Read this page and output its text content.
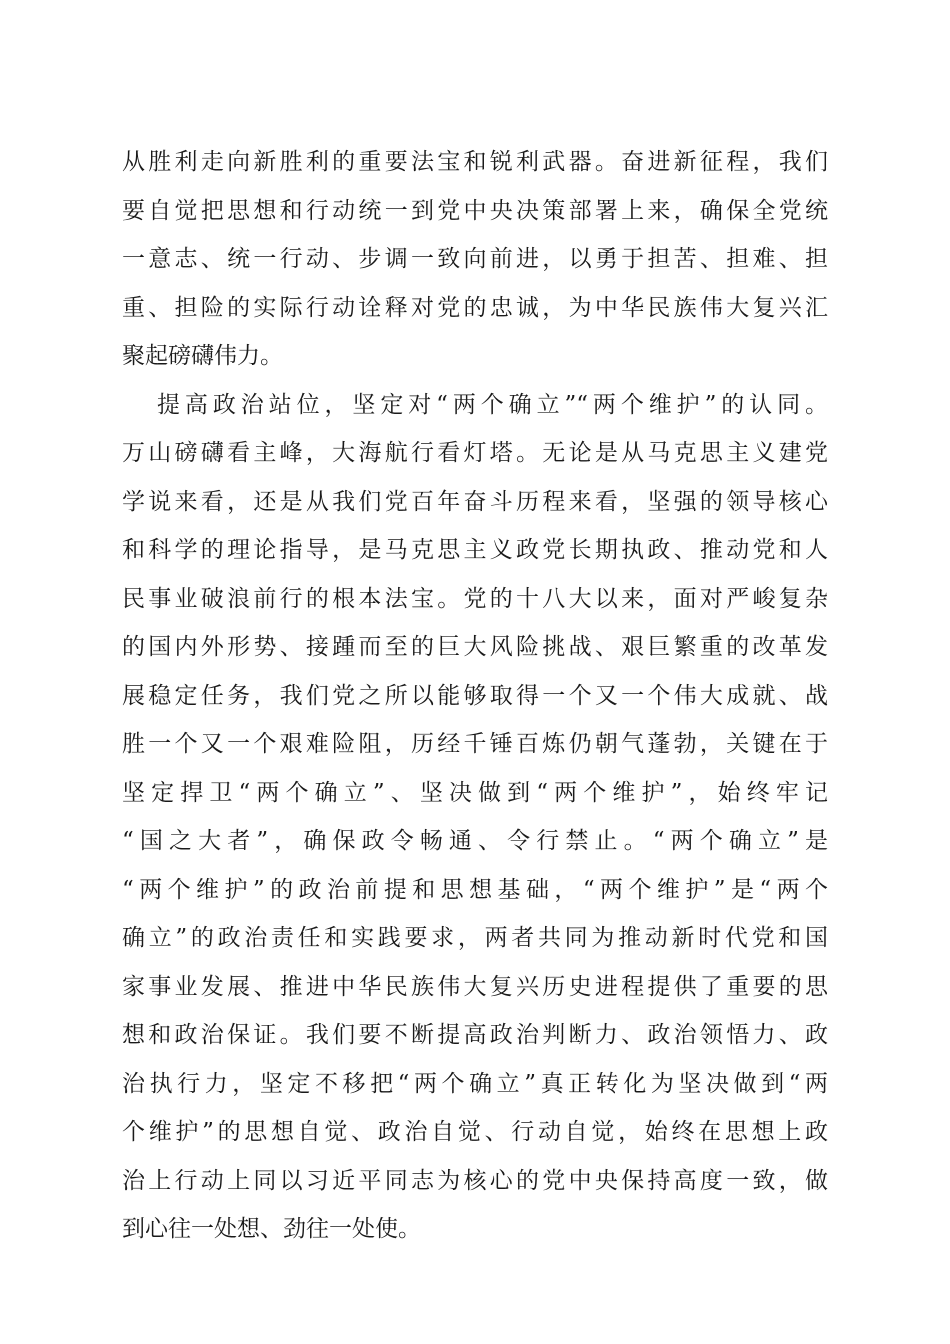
从胜利走向新胜利的重要法宝和锐利武器。奋进新征程，我们
要自觉把思想和行动统一到党中央决策部署上来，确保全党统
一意志、统一行动、步调一致向前进，以勇于担苦、担难、担
重、担险的实际行动诠释对党的忠诚，为中华民族伟大复兴汇
聚起磅礴伟力。
提高政治站位，坚定对“两个确立”“两个维护”的认同。
万山磅礴看主峰，大海航行看灯塔。无论是从马克思主义建党
学说来看，还是从我们党百年奋斗历程来看，坚强的领导核心
和科学的理论指导，是马克思主义政党长期执政、推动党和人
民事业破浪前行的根本法宝。党的十八大以来，面对严峻复杂
的国内外形势、接踵而至的巨大风险挑战、艰巨繁重的改革发
展稳定任务，我们党之所以能够取得一个又一个伟大成就、战
胜一个又一个艰难险阻，历经千锤百炼仍朝气蓬勃，关键在于
坚定捍卫“两个确立”、坚决做到“两个维护”，始终牢记
“国之大者”，确保政令畅通、令行禁止。“两个确立”是
“两个维护”的政治前提和思想基础，“两个维护”是“两个
确立”的政治责任和实践要求，两者共同为推动新时代党和国
家事业发展、推进中华民族伟大复兴历史进程提供了重要的思
想和政治保证。我们要不断提高政治判断力、政治领悟力、政
治执行力，坚定不移把“两个确立”真正转化为坚决做到“两
个维护”的思想自觉、政治自觉、行动自觉，始终在思想上政
治上行动上同以习近平同志为核心的党中央保持高度一致，做
到心往一处想、劲往一处使。
